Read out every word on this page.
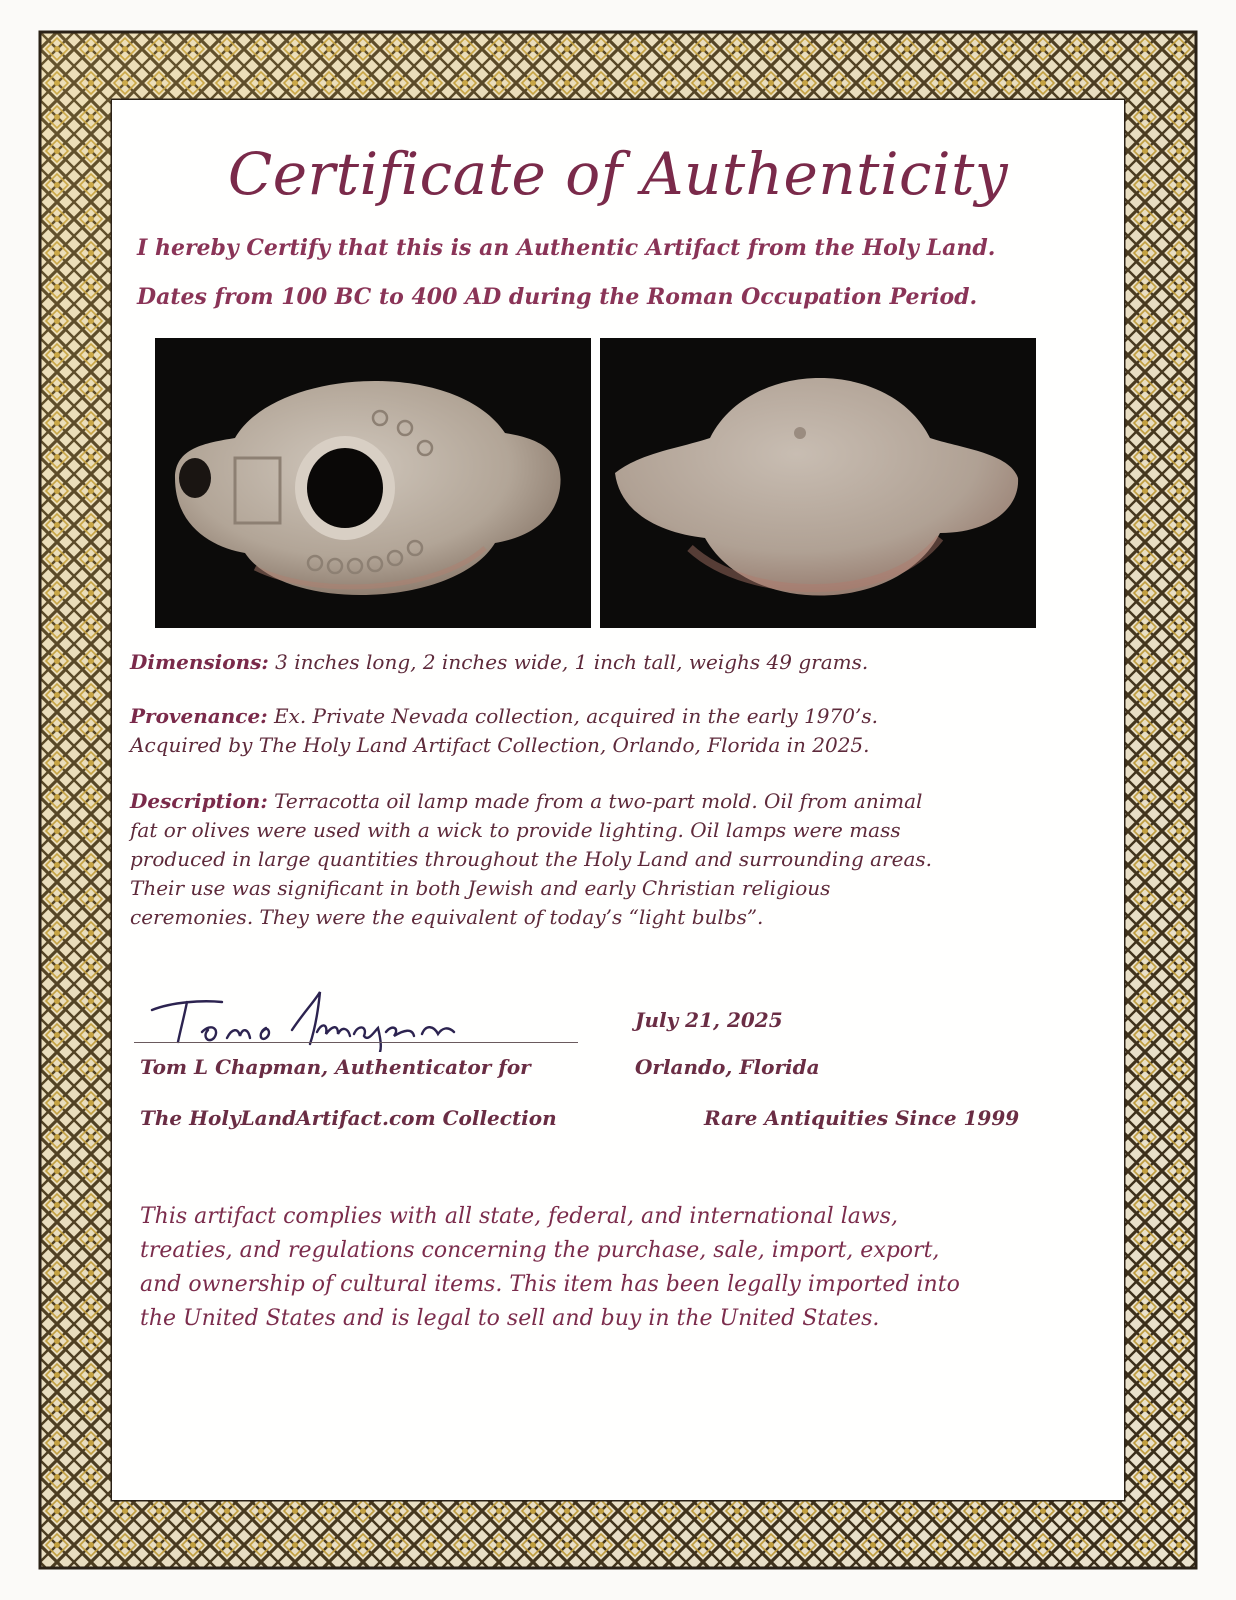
Certificate of Authenticity
I hereby Certify that this is an Authentic Artifact from the Holy Land.
Dates from 100 BC to 400 AD during the Roman Occupation Period.
Dimensions: 3 inches long, 2 inches wide, 1 inch tall, weighs 49 grams.
Provenance: Ex. Private Nevada collection, acquired in the early 1970’s.
Acquired by The Holy Land Artifact Collection, Orlando, Florida in 2025.
Description: Terracotta oil lamp made from a two-part mold. Oil from animal
fat or olives were used with a wick to provide lighting. Oil lamps were mass
produced in large quantities throughout the Holy Land and surrounding areas.
Their use was significant in both Jewish and early Christian religious
ceremonies. They were the equivalent of today’s “light bulbs”.
Tom L Chapman, Authenticator for
The HolyLandArtifact.com Collection
July 21, 2025
Orlando, Florida
Rare Antiquities Since 1999
This artifact complies with all state, federal, and international laws,
treaties, and regulations concerning the purchase, sale, import, export,
and ownership of cultural items. This item has been legally imported into
the United States and is legal to sell and buy in the United States.
